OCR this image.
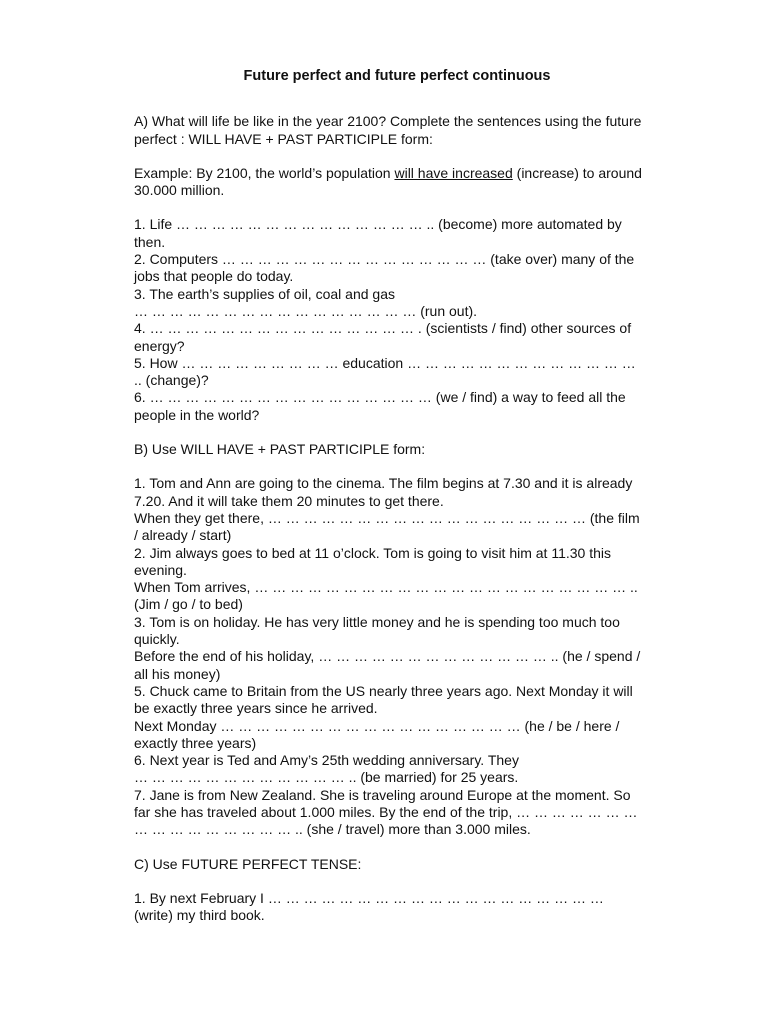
Future perfect and future perfect continuous

A) What will life be like in the year 2100? Complete the sentences using the future perfect : WILL HAVE + PAST PARTICIPLE form:

Example: By 2100, the world’s population will have increased (increase) to around 30.000 million.

1. Life … … … … … … … … … … … … … … .. (become) more automated by then.

2. Computers … … … … … … … … … … … … … … … (take over) many of the jobs that people do today.

3. The earth’s supplies of oil, coal and gas

… … … … … … … … … … … … … … … … (run out).

4. … … … … … … … … … … … … … … … . (scientists / find) other sources of energy?

5. How … … … … … … … … … education … … … … … … … … … … … … … .. (change)?

6. … … … … … … … … … … … … … … … … (we / find) a way to feed all the people in the world?

B) Use WILL HAVE + PAST PARTICIPLE form:

1. Tom and Ann are going to the cinema. The film begins at 7.30 and it is already 7.20. And it will take them 20 minutes to get there.

When they get there, … … … … … … … … … … … … … … … … … … (the film / already / start)

2. Jim always goes to bed at 11 o’clock. Tom is going to visit him at 11.30 this evening.

When Tom arrives, … … … … … … … … … … … … … … … … … … … … … .. (Jim / go / to bed)

3. Tom is on holiday. He has very little money and he is spending too much too quickly.

Before the end of his holiday, … … … … … … … … … … … … … .. (he / spend / all his money)

5. Chuck came to Britain from the US nearly three years ago. Next Monday it will be exactly three years since he arrived.

Next Monday … … … … … … … … … … … … … … … … … (he / be / here / exactly three years)

6. Next year is Ted and Amy’s 25th wedding anniversary. They

… … … … … … … … … … … … .. (be married) for 25 years.

7. Jane is from New Zealand. She is traveling around Europe at the moment. So far she has traveled about 1.000 miles. By the end of the trip, … … … … … … … … … … … … … … … … .. (she / travel) more than 3.000 miles.

C) Use FUTURE PERFECT TENSE:

1. By next February I … … … … … … … … … … … … … … … … … … … (write) my third book.
